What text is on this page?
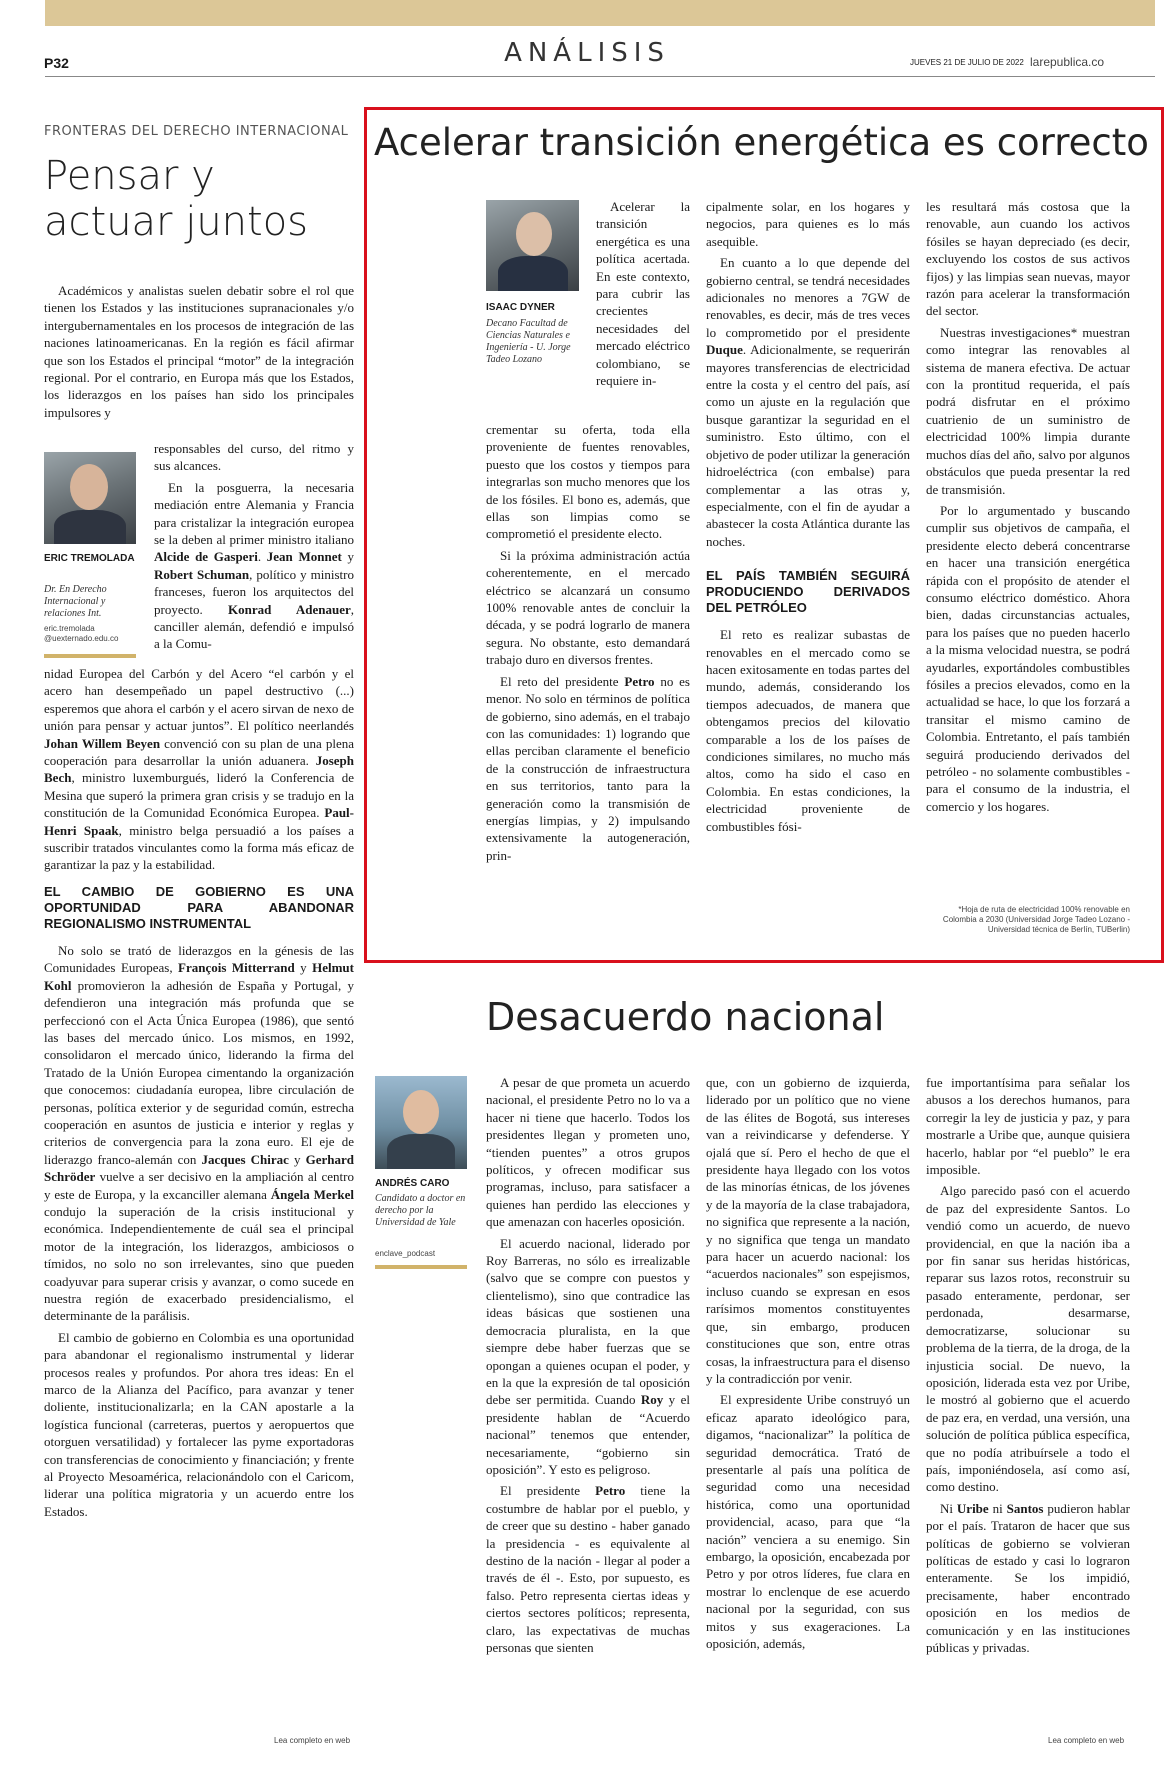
P32	ANÁLISIS	JUEVES 21 DE JULIO DE 2022 larepublica.co
FRONTERAS DEL DERECHO INTERNACIONAL
Pensar y actuar juntos

Académicos y analistas suelen debatir sobre el rol que tienen los Estados y las instituciones supranacionales y/o intergubernamentales en los procesos de integración de las naciones latinoamericanas. En la región es fácil afirmar que son los Estados el principal “motor” de la integración regional. Por el contrario, en Europa más que los Estados, los liderazgos en los países han sido los principales impulsores y

ERIC TREMOLADA
Dr. En Derecho Internacional y relaciones Int.
eric.tremolada @uexternado.edu.co

responsables del curso, del ritmo y sus alcances.

En la posguerra, la necesaria mediación entre Alemania y Francia para cristalizar la integración europea se la deben al primer ministro italiano Alcide de Gasperi. Jean Monnet y Robert Schuman, político y ministro franceses, fueron los arquitectos del proyecto. Konrad Adenauer, canciller alemán, defendió e impulsó a la Comu-

nidad Europea del Carbón y del Acero “el carbón y el acero han desempeñado un papel destructivo (...) esperemos que ahora el carbón y el acero sirvan de nexo de unión para pensar y actuar juntos”. El político neerlandés Johan Willem Beyen convenció con su plan de una plena cooperación para desarrollar la unión aduanera. Joseph Bech, ministro luxemburgués, lideró la Conferencia de Mesina que superó la primera gran crisis y se tradujo en la constitución de la Comunidad Económica Europea. Paul-Henri Spaak, ministro belga persuadió a los países a suscribir tratados vinculantes como la forma más eficaz de garantizar la paz y la estabilidad.

EL CAMBIO DE GOBIERNO ES UNA OPORTUNIDAD PARA ABANDONAR REGIONALISMO INSTRUMENTAL

No solo se trató de liderazgos en la génesis de las Comunidades Europeas, François Mitterrand y Helmut Kohl promovieron la adhesión de España y Portugal, y defendieron una integración más profunda que se perfeccionó con el Acta Única Europea (1986), que sentó las bases del mercado único. Los mismos, en 1992, consolidaron el mercado único, liderando la firma del Tratado de la Unión Europea cimentando la organización que conocemos: ciudadanía europea, libre circulación de personas, política exterior y de seguridad común, estrecha cooperación en asuntos de justicia e interior y reglas y criterios de convergencia para la zona euro. El eje de liderazgo franco-alemán con Jacques Chirac y Gerhard Schröder vuelve a ser decisivo en la ampliación al centro y este de Europa, y la excanciller alemana Ángela Merkel condujo la superación de la crisis institucional y económica. Independientemente de cuál sea el principal motor de la integración, los liderazgos, ambiciosos o tímidos, no solo no son irrelevantes, sino que pueden coadyuvar para superar crisis y avanzar, o como sucede en nuestra región de exacerbado presidencialismo, el determinante de la parálisis.

El cambio de gobierno en Colombia es una oportunidad para abandonar el regionalismo instrumental y liderar procesos reales y profundos. Por ahora tres ideas: En el marco de la Alianza del Pacífico, para avanzar y tener doliente, institucionalizarla; en la CAN apostarle a la logística funcional (carreteras, puertos y aeropuertos que otorguen versatilidad) y fortalecer las pyme exportadoras con transferencias de conocimiento y financiación; y frente al Proyecto Mesoamérica, relacionándolo con el Caricom, liderar una política migratoria y un acuerdo entre los Estados.

Lea completo en web
Acelerar transición energética es correcto
ISAAC DYNER
Decano Facultad de Ciencias Naturales e Ingeniería - U. Jorge Tadeo Lozano

Acelerar la transición energética es una política acertada. En este contexto, para cubrir las crecientes necesidades del mercado eléctrico colombiano, se requiere in-

crementar su oferta, toda ella proveniente de fuentes renovables, puesto que los costos y tiempos para integrarlas son mucho menores que los de los fósiles. El bono es, además, que ellas son limpias como se comprometió el presidente electo.

Si la próxima administración actúa coherentemente, en el mercado eléctrico se alcanzará un consumo 100% renovable antes de concluir la década, y se podrá lograrlo de manera segura. No obstante, esto demandará trabajo duro en diversos frentes.

El reto del presidente Petro no es menor. No solo en términos de política de gobierno, sino además, en el trabajo con las comunidades: 1) logrando que ellas perciban claramente el beneficio de la construcción de infraestructura en sus territorios, tanto para la generación como la transmisión de energías limpias, y 2) impulsando extensivamente la autogeneración, prin-

cipalmente solar, en los hogares y negocios, para quienes es lo más asequible.

En cuanto a lo que depende del gobierno central, se tendrá necesidades adicionales no menores a 7GW de renovables, es decir, más de tres veces lo comprometido por el presidente Duque. Adicionalmente, se requerirán mayores transferencias de electricidad entre la costa y el centro del país, así como un ajuste en la regulación que busque garantizar la seguridad en el suministro. Esto último, con el objetivo de poder utilizar la generación hidroeléctrica (con embalse) para complementar a las otras y, especialmente, con el fin de ayudar a abastecer la costa Atlántica durante las noches.

EL PAÍS TAMBIÉN SEGUIRÁ PRODUCIENDO DERIVADOS DEL PETRÓLEO

El reto es realizar subastas de renovables en el mercado como se hacen exitosamente en todas partes del mundo, además, considerando los tiempos adecuados, de manera que obtengamos precios del kilovatio comparable a los de los países de condiciones similares, no mucho más altos, como ha sido el caso en Colombia. En estas condiciones, la electricidad proveniente de combustibles fósi-

les resultará más costosa que la renovable, aun cuando los activos fósiles se hayan depreciado (es decir, excluyendo los costos de sus activos fijos) y las limpias sean nuevas, mayor razón para acelerar la transformación del sector.

Nuestras investigaciones* muestran como integrar las renovables al sistema de manera efectiva. De actuar con la prontitud requerida, el país podrá disfrutar en el próximo cuatrienio de un suministro de electricidad 100% limpia durante muchos días del año, salvo por algunos obstáculos que pueda presentar la red de transmisión.

Por lo argumentado y buscando cumplir sus objetivos de campaña, el presidente electo deberá concentrarse en hacer una transición energética rápida con el propósito de atender el consumo eléctrico doméstico. Ahora bien, dadas circunstancias actuales, para los países que no pueden hacerlo a la misma velocidad nuestra, se podrá ayudarles, exportándoles combustibles fósiles a precios elevados, como en la actualidad se hace, lo que los forzará a transitar el mismo camino de Colombia. Entretanto, el país también seguirá produciendo derivados del petróleo - no solamente combustibles - para el consumo de la industria, el comercio y los hogares.

*Hoja de ruta de electricidad 100% renovable en Colombia a 2030 (Universidad Jorge Tadeo Lozano - Universidad técnica de Berlín, TUBerlin)
Desacuerdo nacional
ANDRÉS CARO
Candidato a doctor en derecho por la Universidad de Yale
enclave_podcast

A pesar de que prometa un acuerdo nacional, el presidente Petro no lo va a hacer ni tiene que hacerlo. Todos los presidentes llegan y prometen uno, “tienden puentes” a otros grupos políticos, y ofrecen modificar sus programas, incluso, para satisfacer a quienes han perdido las elecciones y que amenazan con hacerles oposición.

El acuerdo nacional, liderado por Roy Barreras, no sólo es irrealizable (salvo que se compre con puestos y clientelismo), sino que contradice las ideas básicas que sostienen una democracia pluralista, en la que siempre debe haber fuerzas que se opongan a quienes ocupan el poder, y en la que la expresión de tal oposición debe ser permitida. Cuando Roy y el presidente hablan de “Acuerdo nacional” tenemos que entender, necesariamente, “gobierno sin oposición”. Y esto es peligroso.

El presidente Petro tiene la costumbre de hablar por el pueblo, y de creer que su destino - haber ganado la presidencia - es equivalente al destino de la nación - llegar al poder a través de él -. Esto, por supuesto, es falso. Petro representa ciertas ideas y ciertos sectores políticos; representa, claro, las expectativas de muchas personas que sienten

que, con un gobierno de izquierda, liderado por un político que no viene de las élites de Bogotá, sus intereses van a reivindicarse y defenderse. Y ojalá que sí. Pero el hecho de que el presidente haya llegado con los votos de las minorías étnicas, de los jóvenes y de la mayoría de la clase trabajadora, no significa que represente a la nación, y no significa que tenga un mandato para hacer un acuerdo nacional: los “acuerdos nacionales” son espejismos, incluso cuando se expresan en esos rarísimos momentos constituyentes que, sin embargo, producen constituciones que son, entre otras cosas, la infraestructura para el disenso y la contradicción por venir.

El expresidente Uribe construyó un eficaz aparato ideológico para, digamos, “nacionalizar” la política de seguridad democrática. Trató de presentarle al país una política de seguridad como una necesidad histórica, como una oportunidad providencial, acaso, para que “la nación” venciera a su enemigo. Sin embargo, la oposición, encabezada por Petro y por otros líderes, fue clara en mostrar lo enclenque de ese acuerdo nacional por la seguridad, con sus mitos y sus exageraciones. La oposición, además,

fue importantísima para señalar los abusos a los derechos humanos, para corregir la ley de justicia y paz, y para mostrarle a Uribe que, aunque quisiera hacerlo, hablar por “el pueblo” le era imposible.

Algo parecido pasó con el acuerdo de paz del expresidente Santos. Lo vendió como un acuerdo, de nuevo providencial, en que la nación iba a por fin sanar sus heridas históricas, reparar sus lazos rotos, reconstruir su pasado enteramente, perdonar, ser perdonada, desarmarse, democratizarse, solucionar su problema de la tierra, de la droga, de la injusticia social. De nuevo, la oposición, liderada esta vez por Uribe, le mostró al gobierno que el acuerdo de paz era, en verdad, una versión, una solución de política pública específica, que no podía atribuírsele a todo el país, imponiéndosela, así como así, como destino.

Ni Uribe ni Santos pudieron hablar por el país. Trataron de hacer que sus políticas de gobierno se volvieran políticas de estado y casi lo lograron enteramente. Se los impidió, precisamente, haber encontrado oposición en los medios de comunicación y en las instituciones públicas y privadas.

Lea completo en web
